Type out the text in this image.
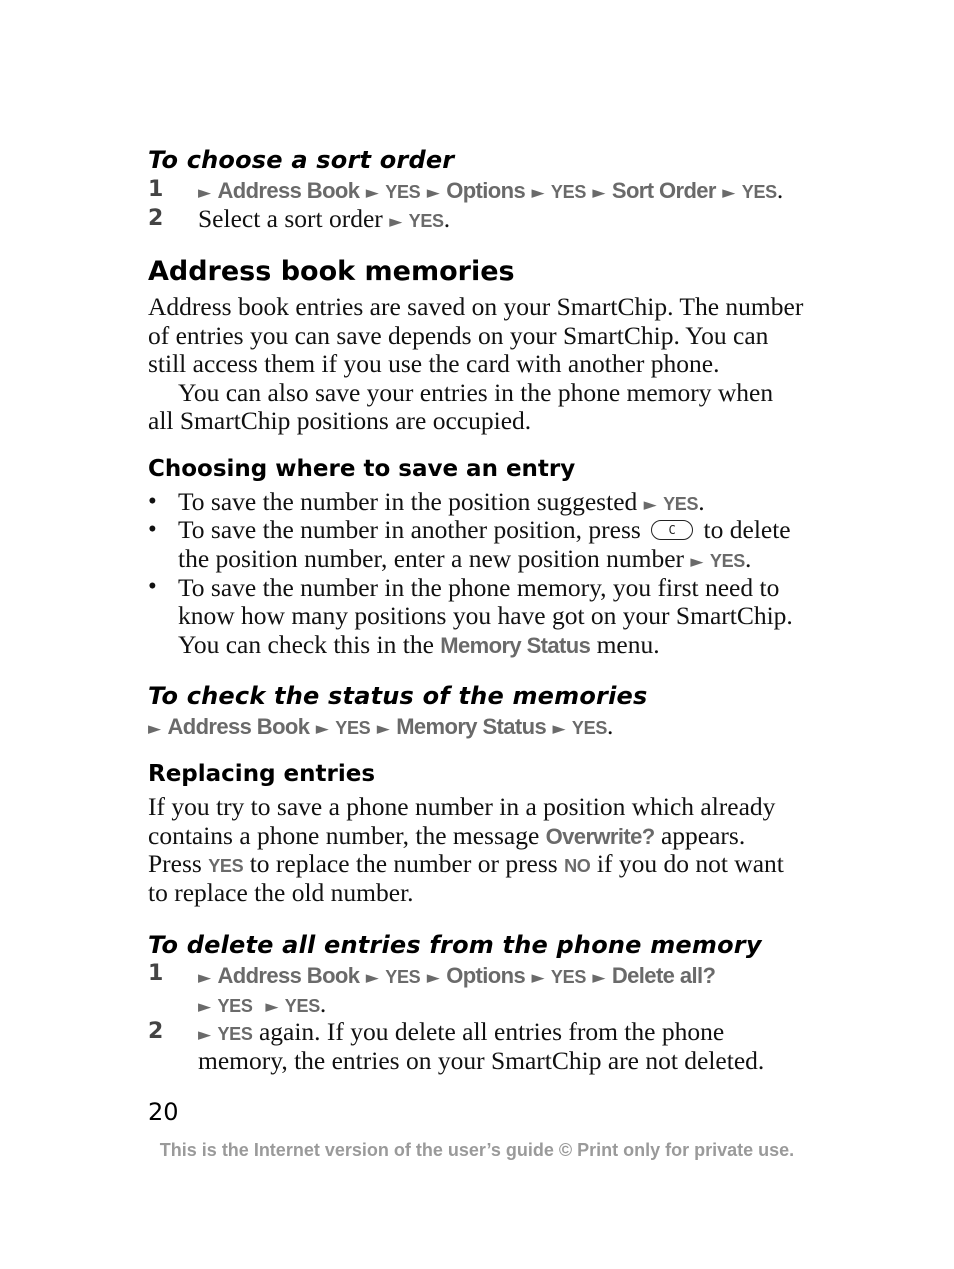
To choose a sort order
1 ► Address Book ► YES ► Options ► YES ► Sort Order ► YES.
2 Select a sort order ► YES.
Address book memories
Address book entries are saved on your SmartChip. The number
of entries you can save depends on your SmartChip. You can
still access them if you use the card with another phone.
You can also save your entries in the phone memory when
all SmartChip positions are occupied.
Choosing where to save an entry
• To save the number in the position suggested ► YES.
• To save the number in another position, press C to delete
the position number, enter a new position number ► YES.
• To save the number in the phone memory, you first need to
know how many positions you have got on your SmartChip.
You can check this in the Memory Status menu.
To check the status of the memories
► Address Book ► YES ► Memory Status ► YES.
Replacing entries
If you try to save a phone number in a position which already
contains a phone number, the message Overwrite? appears.
Press YES to replace the number or press NO if you do not want
to replace the old number.
To delete all entries from the phone memory
1 ► Address Book ► YES ► Options ► YES ► Delete all?
► YES ► YES.
2 ► YES again. If you delete all entries from the phone
memory, the entries on your SmartChip are not deleted.
20
This is the Internet version of the user’s guide © Print only for private use.
